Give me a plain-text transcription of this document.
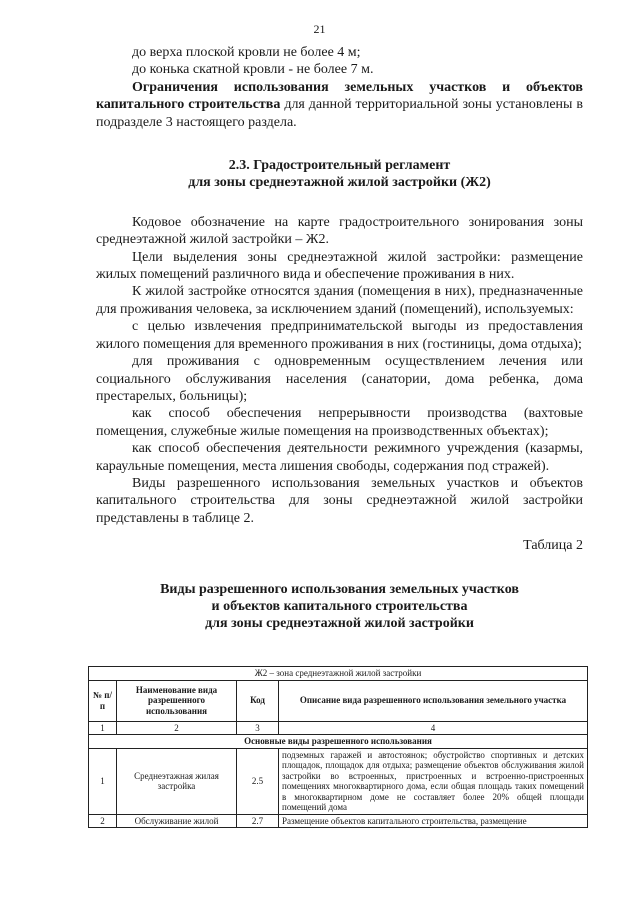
21

до верха плоской кровли не более 4 м;

до конька скатной кровли - не более 7 м.

Ограничения использования земельных участков и объектов капитального строительства для данной территориальной зоны установлены в подразделе 3 настоящего раздела.

2.3. Градостроительный регламент

для зоны среднеэтажной жилой застройки (Ж2)

Кодовое обозначение на карте градостроительного зонирования зоны среднеэтажной жилой застройки – Ж2.

Цели выделения зоны среднеэтажной жилой застройки: размещение жилых помещений различного вида и обеспечение проживания в них.

К жилой застройке относятся здания (помещения в них), предназначенные для проживания человека, за исключением зданий (помещений), используемых:

с целью извлечения предпринимательской выгоды из предоставления жилого помещения для временного проживания в них (гостиницы, дома отдыха);

для проживания с одновременным осуществлением лечения или социального обслуживания населения (санатории, дома ребенка, дома престарелых, больницы);

как способ обеспечения непрерывности производства (вахтовые помещения, служебные жилые помещения на производственных объектах);

как способ обеспечения деятельности режимного учреждения (казармы, караульные помещения, места лишения свободы, содержания под стражей).

Виды разрешенного использования земельных участков и объектов капитального строительства для зоны среднеэтажной жилой застройки представлены в таблице 2.

Таблица 2

Виды разрешенного использования земельных участков

и объектов капитального строительства

для зоны среднеэтажной жилой застройки

Ж2 – зона среднеэтажной жилой застройки			
№ п/п	Наименование вида разрешенного использования	Код	Описание вида разрешенного использования земельного участка
1	2	3	4
Основные виды разрешенного использования			
1	Среднеэтажная жилая застройка	2.5	подземных гаражей и автостоянок; обустройство спортивных и детских площадок, площадок для отдыха; размещение объектов обслуживания жилой застройки во встроенных, пристроенных и встроенно-пристроенных помещениях многоквартирного дома, если общая площадь таких помещений в многоквартирном доме не составляет более 20% общей площади помещений дома
2	Обслуживание жилой	2.7	Размещение объектов капитального строительства, размещение
